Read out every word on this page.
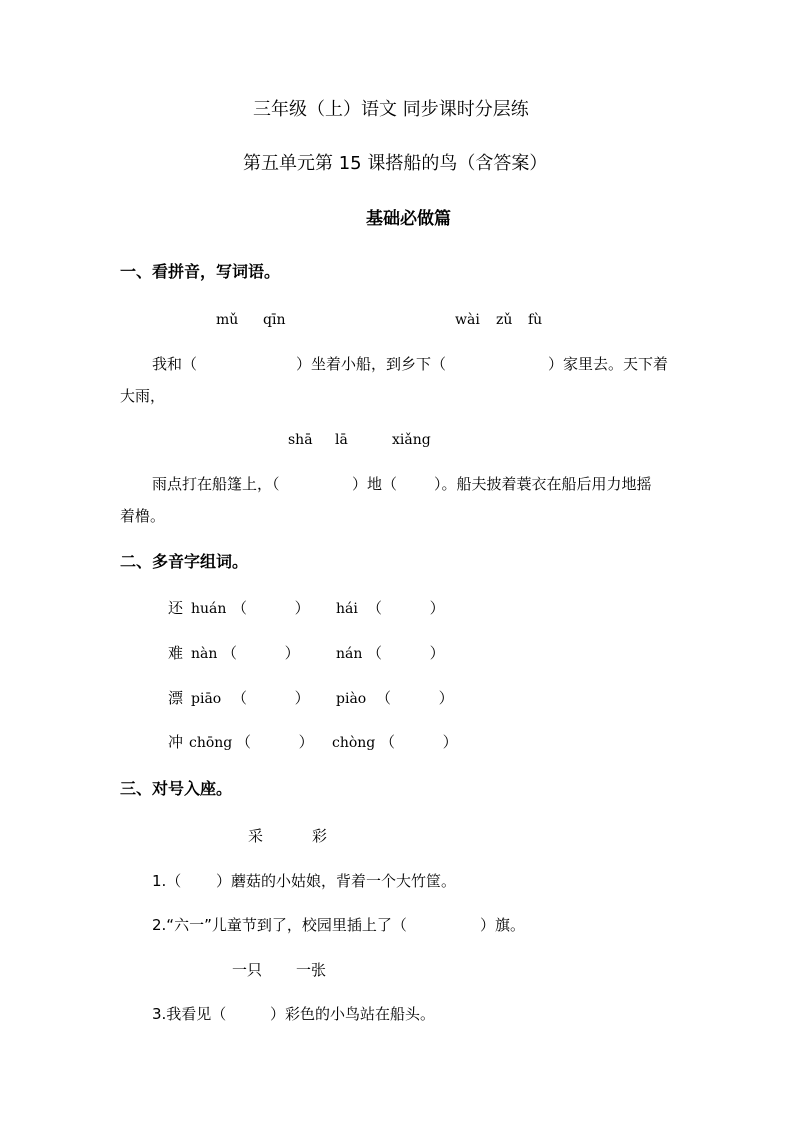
三年级（上）语文 同步课时分层练
第五单元第 15 课搭船的鸟（含答案）
基础必做篇
一、看拼音，写词语。
mǔ qīn	wài zǔ fù
我和（	）坐着小船，到乡下（	）家里去。天下着
大雨，
shā lā	xiǎng
雨点打在船篷上，（	）地（ ）。船夫披着蓑衣在船后用力地摇
着橹。
二、多音字组词。
还 huán （          ） hái （          ）
难 nàn （          ）	nán （          ）
漂 piāo （          ） piào （          ）
冲 chōng （          ） chòng （          ）
三、对号入座。
采	彩
1.（ ）蘑菇的小姑娘，背着一个大竹筐。
2.“六一”儿童节到了，校园里插上了（	）旗。
一只 一张
3.我看见（	）彩色的小鸟站在船头。
